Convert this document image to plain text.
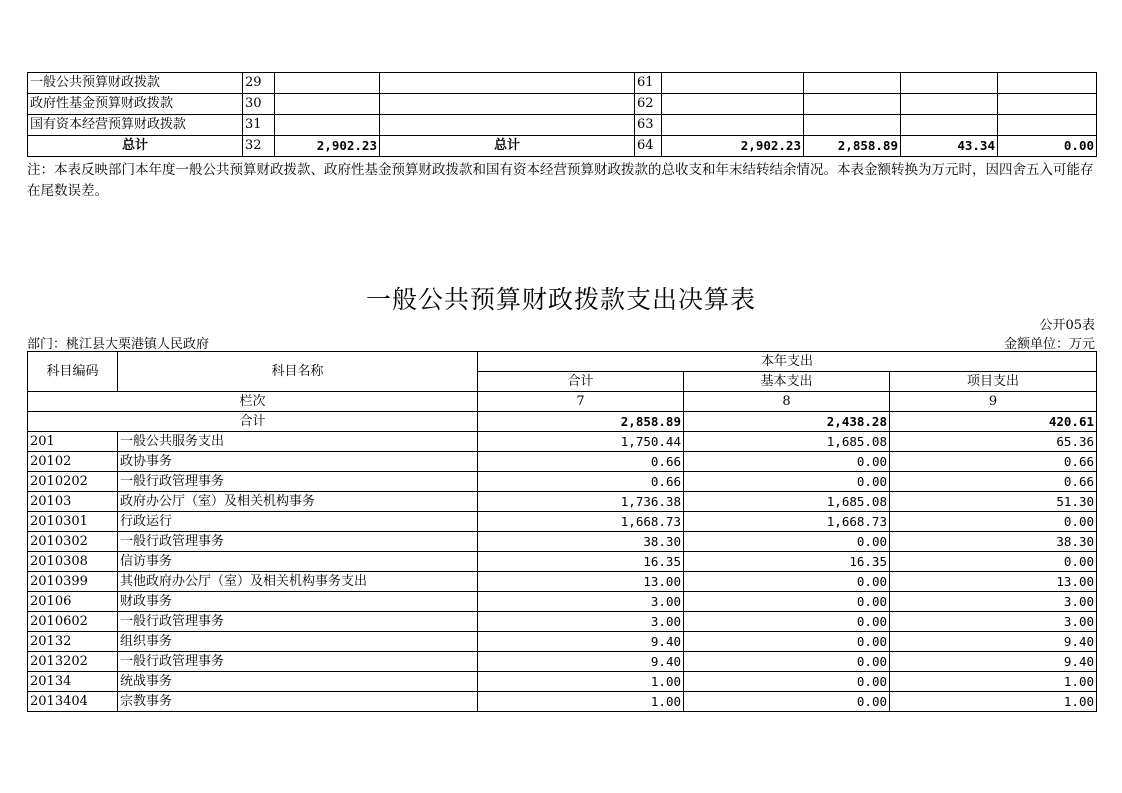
一般公共预算财政拨款	29			61				
政府性基金预算财政拨款	30			62				
国有资本经营预算财政拨款	31			63				
总计	32	2,902.23	总计	64	2,902.23	2,858.89	43.34	0.00
注：本表反映部门本年度一般公共预算财政拨款、政府性基金预算财政拨款和国有资本经营预算财政拨款的总收支和年末结转结余情况。本表金额转换为万元时，因四舍五入可能存在尾数误差。
一般公共预算财政拨款支出决算表
公开05表
部门：桃江县大栗港镇人民政府	金额单位：万元
科目编码	科目名称	本年支出		
		合计	基本支出	项目支出
栏次		7	8	9
合计		2,858.89	2,438.28	420.61
201	一般公共服务支出	1,750.44	1,685.08	65.36
20102	政协事务	0.66	0.00	0.66
2010202	一般行政管理事务	0.66	0.00	0.66
20103	政府办公厅（室）及相关机构事务	1,736.38	1,685.08	51.30
2010301	行政运行	1,668.73	1,668.73	0.00
2010302	一般行政管理事务	38.30	0.00	38.30
2010308	信访事务	16.35	16.35	0.00
2010399	其他政府办公厅（室）及相关机构事务支出	13.00	0.00	13.00
20106	财政事务	3.00	0.00	3.00
2010602	一般行政管理事务	3.00	0.00	3.00
20132	组织事务	9.40	0.00	9.40
2013202	一般行政管理事务	9.40	0.00	9.40
20134	统战事务	1.00	0.00	1.00
2013404	宗教事务	1.00	0.00	1.00
